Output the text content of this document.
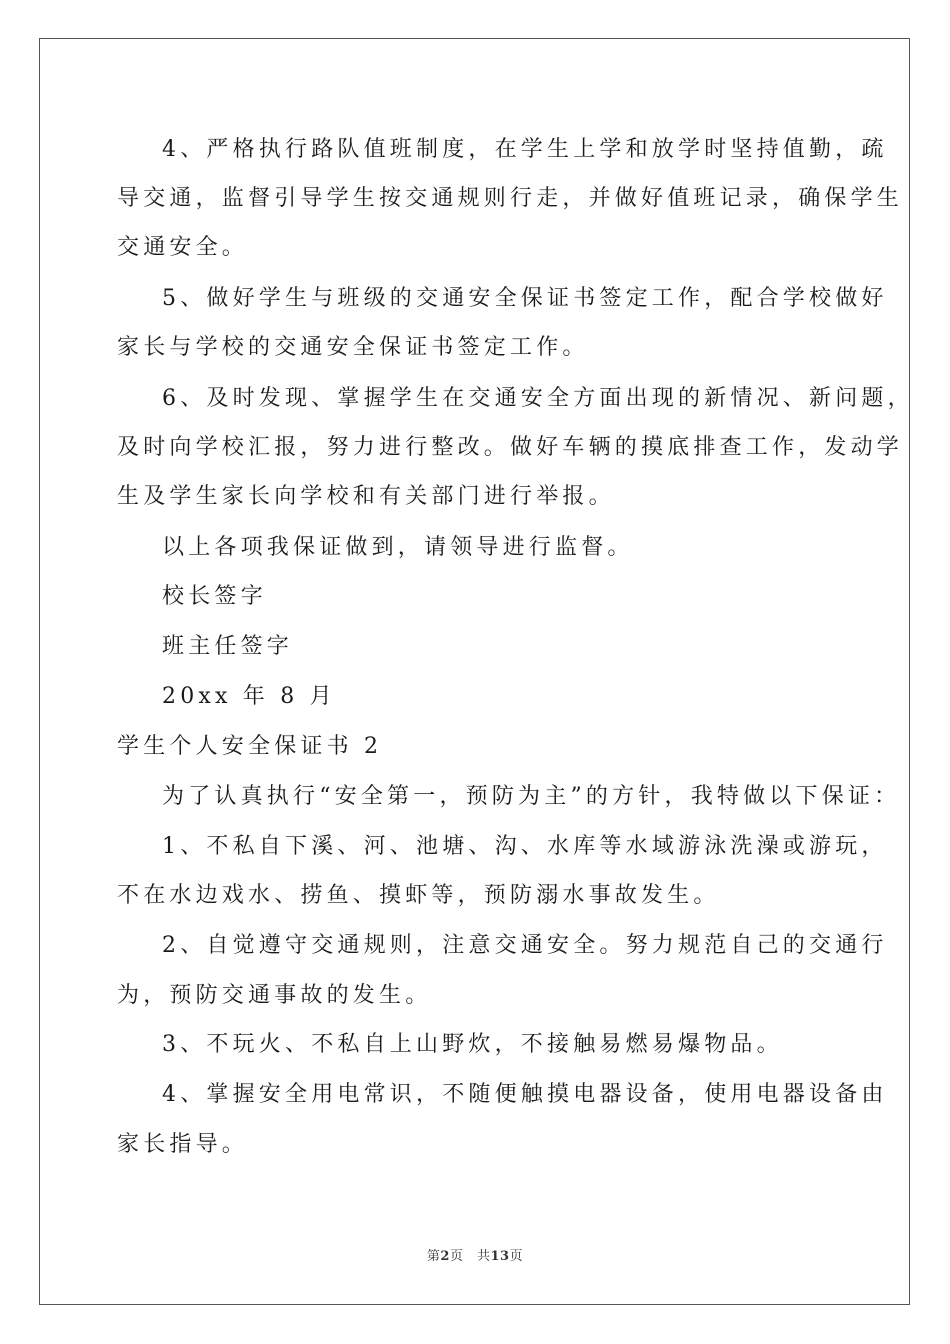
4、严格执行路队值班制度，在学生上学和放学时坚持值勤，疏
导交通，监督引导学生按交通规则行走，并做好值班记录，确保学生
交通安全。
5、做好学生与班级的交通安全保证书签定工作，配合学校做好
家长与学校的交通安全保证书签定工作。
6、及时发现、掌握学生在交通安全方面出现的新情况、新问题，
及时向学校汇报，努力进行整改。做好车辆的摸底排查工作，发动学
生及学生家长向学校和有关部门进行举报。
以上各项我保证做到，请领导进行监督。
校长签字
班主任签字
20xx 年 8 月
学生个人安全保证书 2
为了认真执行“安全第一，预防为主”的方针，我特做以下保证：
1、不私自下溪、河、池塘、沟、水库等水域游泳洗澡或游玩，
不在水边戏水、捞鱼、摸虾等，预防溺水事故发生。
2、自觉遵守交通规则，注意交通安全。努力规范自己的交通行
为，预防交通事故的发生。
3、不玩火、不私自上山野炊，不接触易燃易爆物品。
4、掌握安全用电常识，不随便触摸电器设备，使用电器设备由
家长指导。
第2页　共13页
